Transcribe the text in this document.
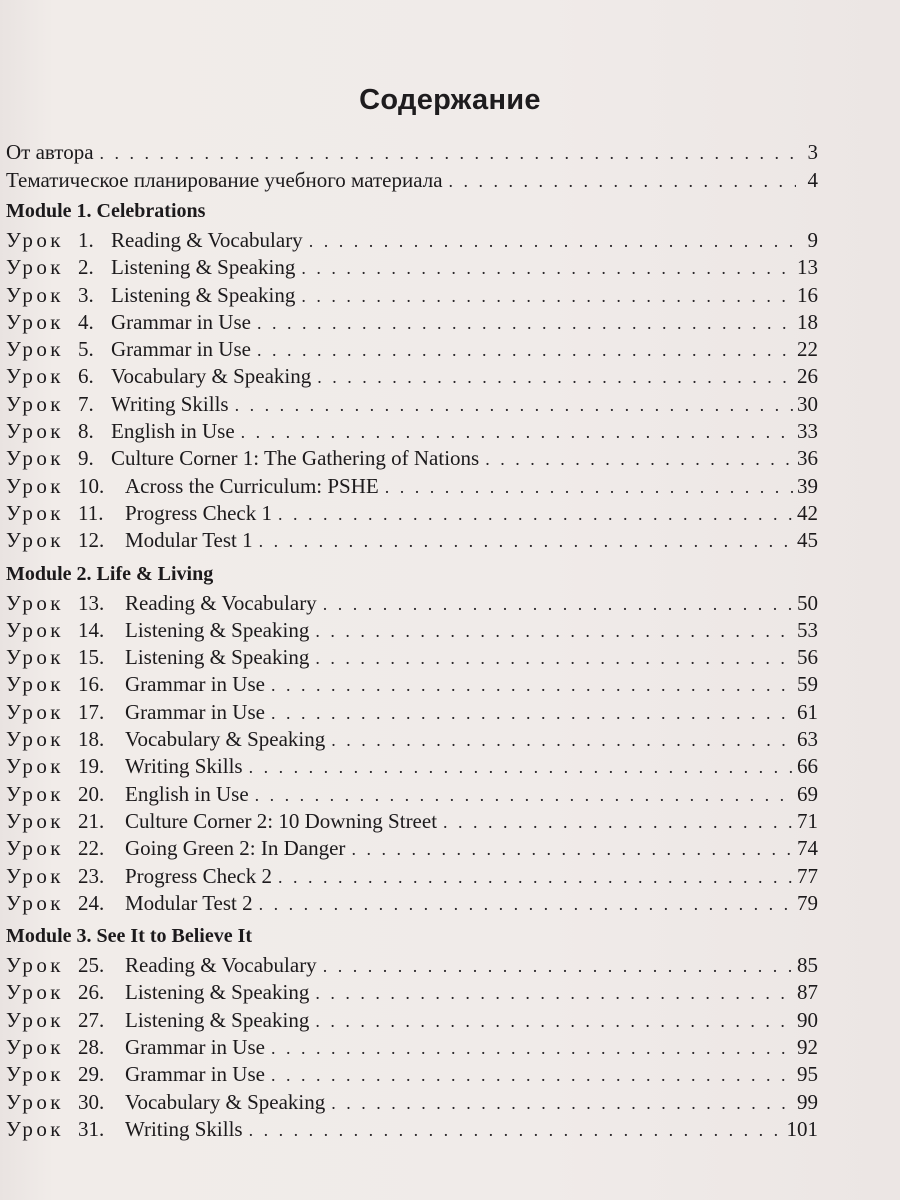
Содержание
От автора . . .	3
Тематическое планирование учебного материала . . .	4
Module 1. Celebrations
Урок 1. Reading & Vocabulary . . .	9
Урок 2. Listening & Speaking . . .	13
Урок 3. Listening & Speaking . . .	16
Урок 4. Grammar in Use . . .	18
Урок 5. Grammar in Use . . .	22
Урок 6. Vocabulary & Speaking . . .	26
Урок 7. Writing Skills . . .	30
Урок 8. English in Use . . .	33
Урок 9. Culture Corner 1: The Gathering of Nations . . .	36
Урок 10. Across the Curriculum: PSHE . . .	39
Урок 11.	Progress Check 1 . . .	42
Урок 12. Modular Test 1 . . .	45
Module 2. Life & Living
Урок 13. Reading & Vocabulary . . .	50
Урок 14. Listening & Speaking . . .	53
Урок 15. Listening & Speaking . . .	56
Урок 16. Grammar in Use . . .	59
Урок 17. Grammar in Use . . .	61
Урок 18. Vocabulary & Speaking . . .	63
Урок 19. Writing Skills . . .	66
Урок 20. English in Use . . .	69
Урок 21. Culture Corner 2: 10 Downing Street . . .	71
Урок 22. Going Green 2: In Danger . . .	74
Урок 23. Progress Check 2 . . .	77
Урок 24. Modular Test 2 . . .	79
Module 3. See It to Believe It
Урок 25. Reading & Vocabulary . . .	85
Урок 26. Listening & Speaking . . .	87
Урок 27. Listening & Speaking . . .	90
Урок 28. Grammar in Use . . .	92
Урок 29. Grammar in Use . . .	95
Урок 30. Vocabulary & Speaking . . .	99
Урок 31. Writing Skills . . .	101
